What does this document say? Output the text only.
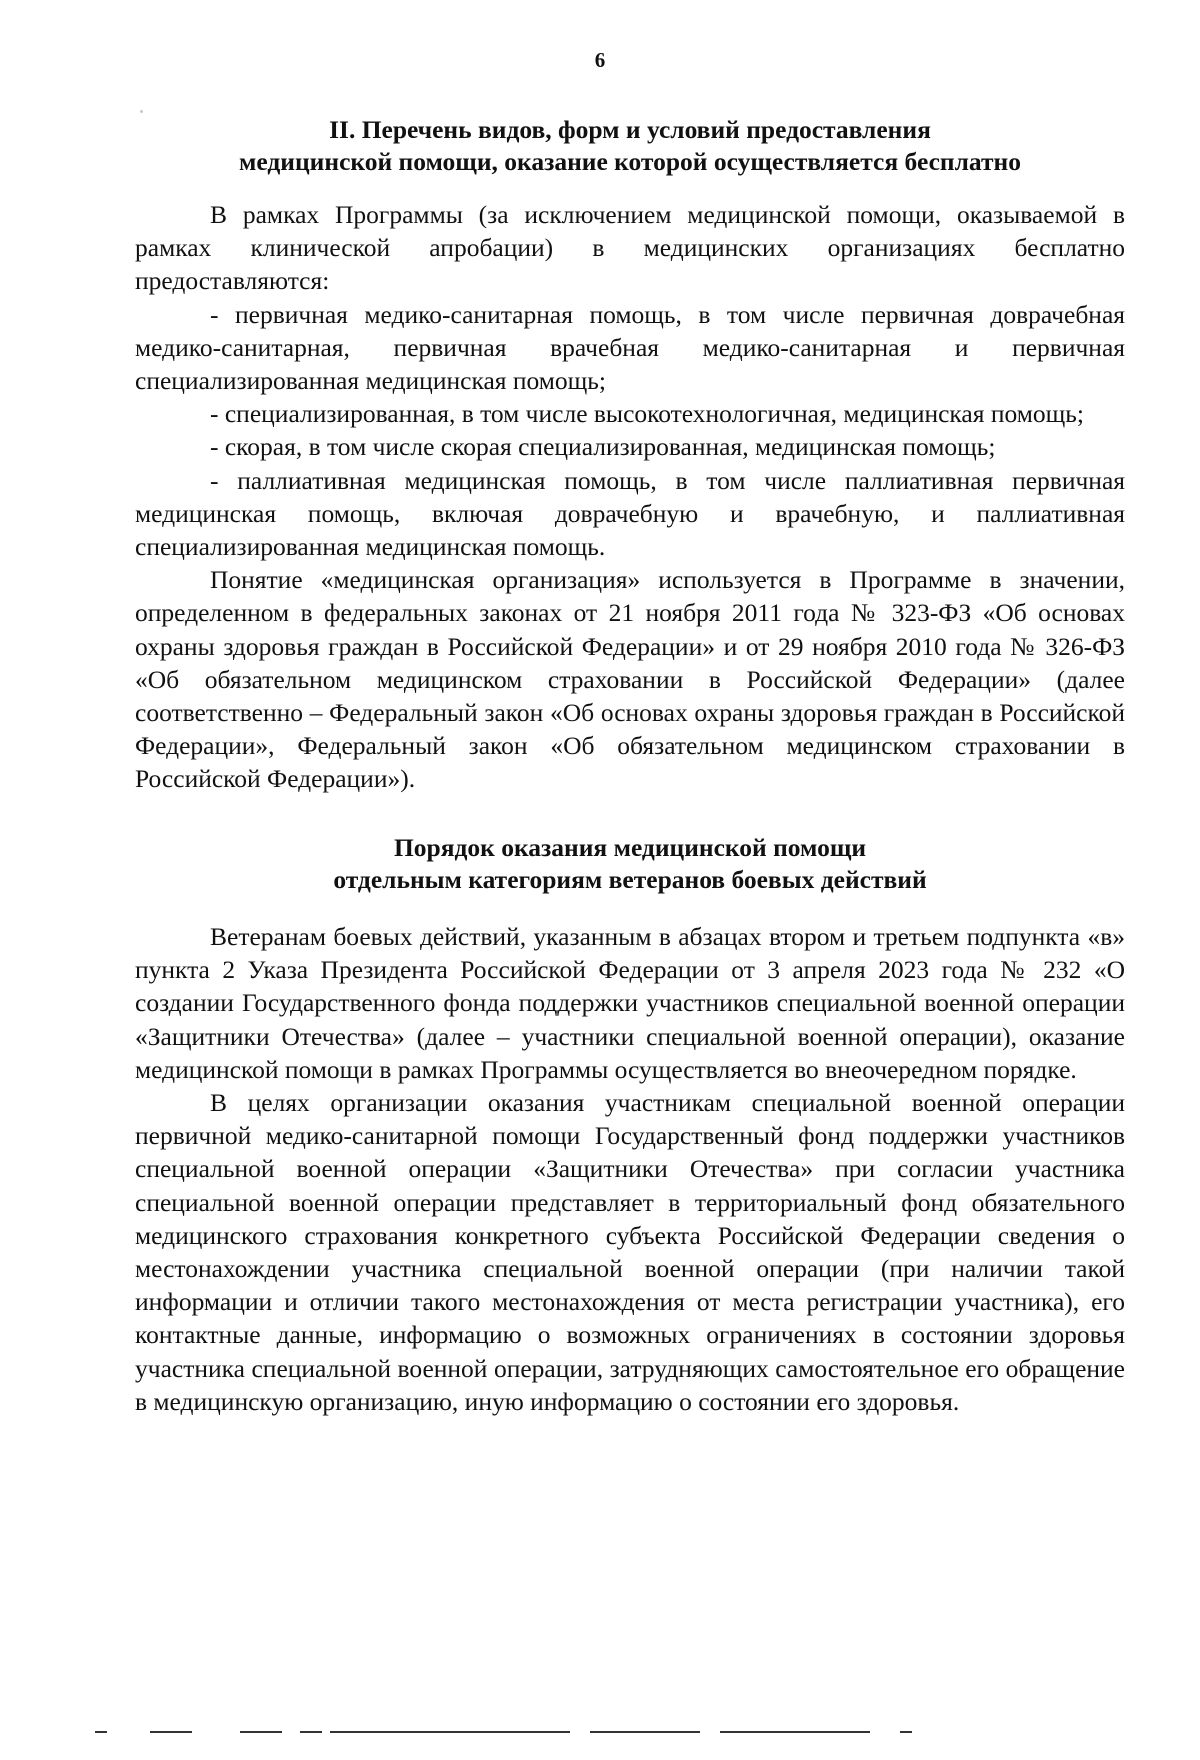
6

II. Перечень видов, форм и условий предоставления

медицинской помощи, оказание которой осуществляется бесплатно

В рамках Программы (за исключением медицинской помощи, оказываемой в рамках клинической апробации) в медицинских организациях бесплатно предоставляются:

- первичная медико-санитарная помощь, в том числе первичная доврачебная медико-санитарная, первичная врачебная медико-санитарная и первичная специализированная медицинская помощь;

- специализированная, в том числе высокотехнологичная, медицинская помощь;

- скорая, в том числе скорая специализированная, медицинская помощь;

- паллиативная медицинская помощь, в том числе паллиативная первичная медицинская помощь, включая доврачебную и врачебную, и паллиативная специализированная медицинская помощь.

Понятие «медицинская организация» используется в Программе в значении, определенном в федеральных законах от 21 ноября 2011 года № 323-ФЗ «Об основах охраны здоровья граждан в Российской Федерации» и от 29 ноября 2010 года № 326-ФЗ «Об обязательном медицинском страховании в Российской Федерации» (далее соответственно – Федеральный закон «Об основах охраны здоровья граждан в Российской Федерации», Федеральный закон «Об обязательном медицинском страховании в Российской Федерации»).

Порядок оказания медицинской помощи

отдельным категориям ветеранов боевых действий

Ветеранам боевых действий, указанным в абзацах втором и третьем подпункта «в» пункта 2 Указа Президента Российской Федерации от 3 апреля 2023 года № 232 «О создании Государственного фонда поддержки участников специальной военной операции «Защитники Отечества» (далее – участники специальной военной операции), оказание медицинской помощи в рамках Программы осуществляется во внеочередном порядке.

В целях организации оказания участникам специальной военной операции первичной медико-санитарной помощи Государственный фонд поддержки участников специальной военной операции «Защитники Отечества» при согласии участника специальной военной операции представляет в территориальный фонд обязательного медицинского страхования конкретного субъекта Российской Федерации сведения о местонахождении участника специальной военной операции (при наличии такой информации и отличии такого местонахождения от места регистрации участника), его контактные данные, информацию о возможных ограничениях в состоянии здоровья участника специальной военной операции, затрудняющих самостоятельное его обращение в медицинскую организацию, иную информацию о состоянии его здоровья.
